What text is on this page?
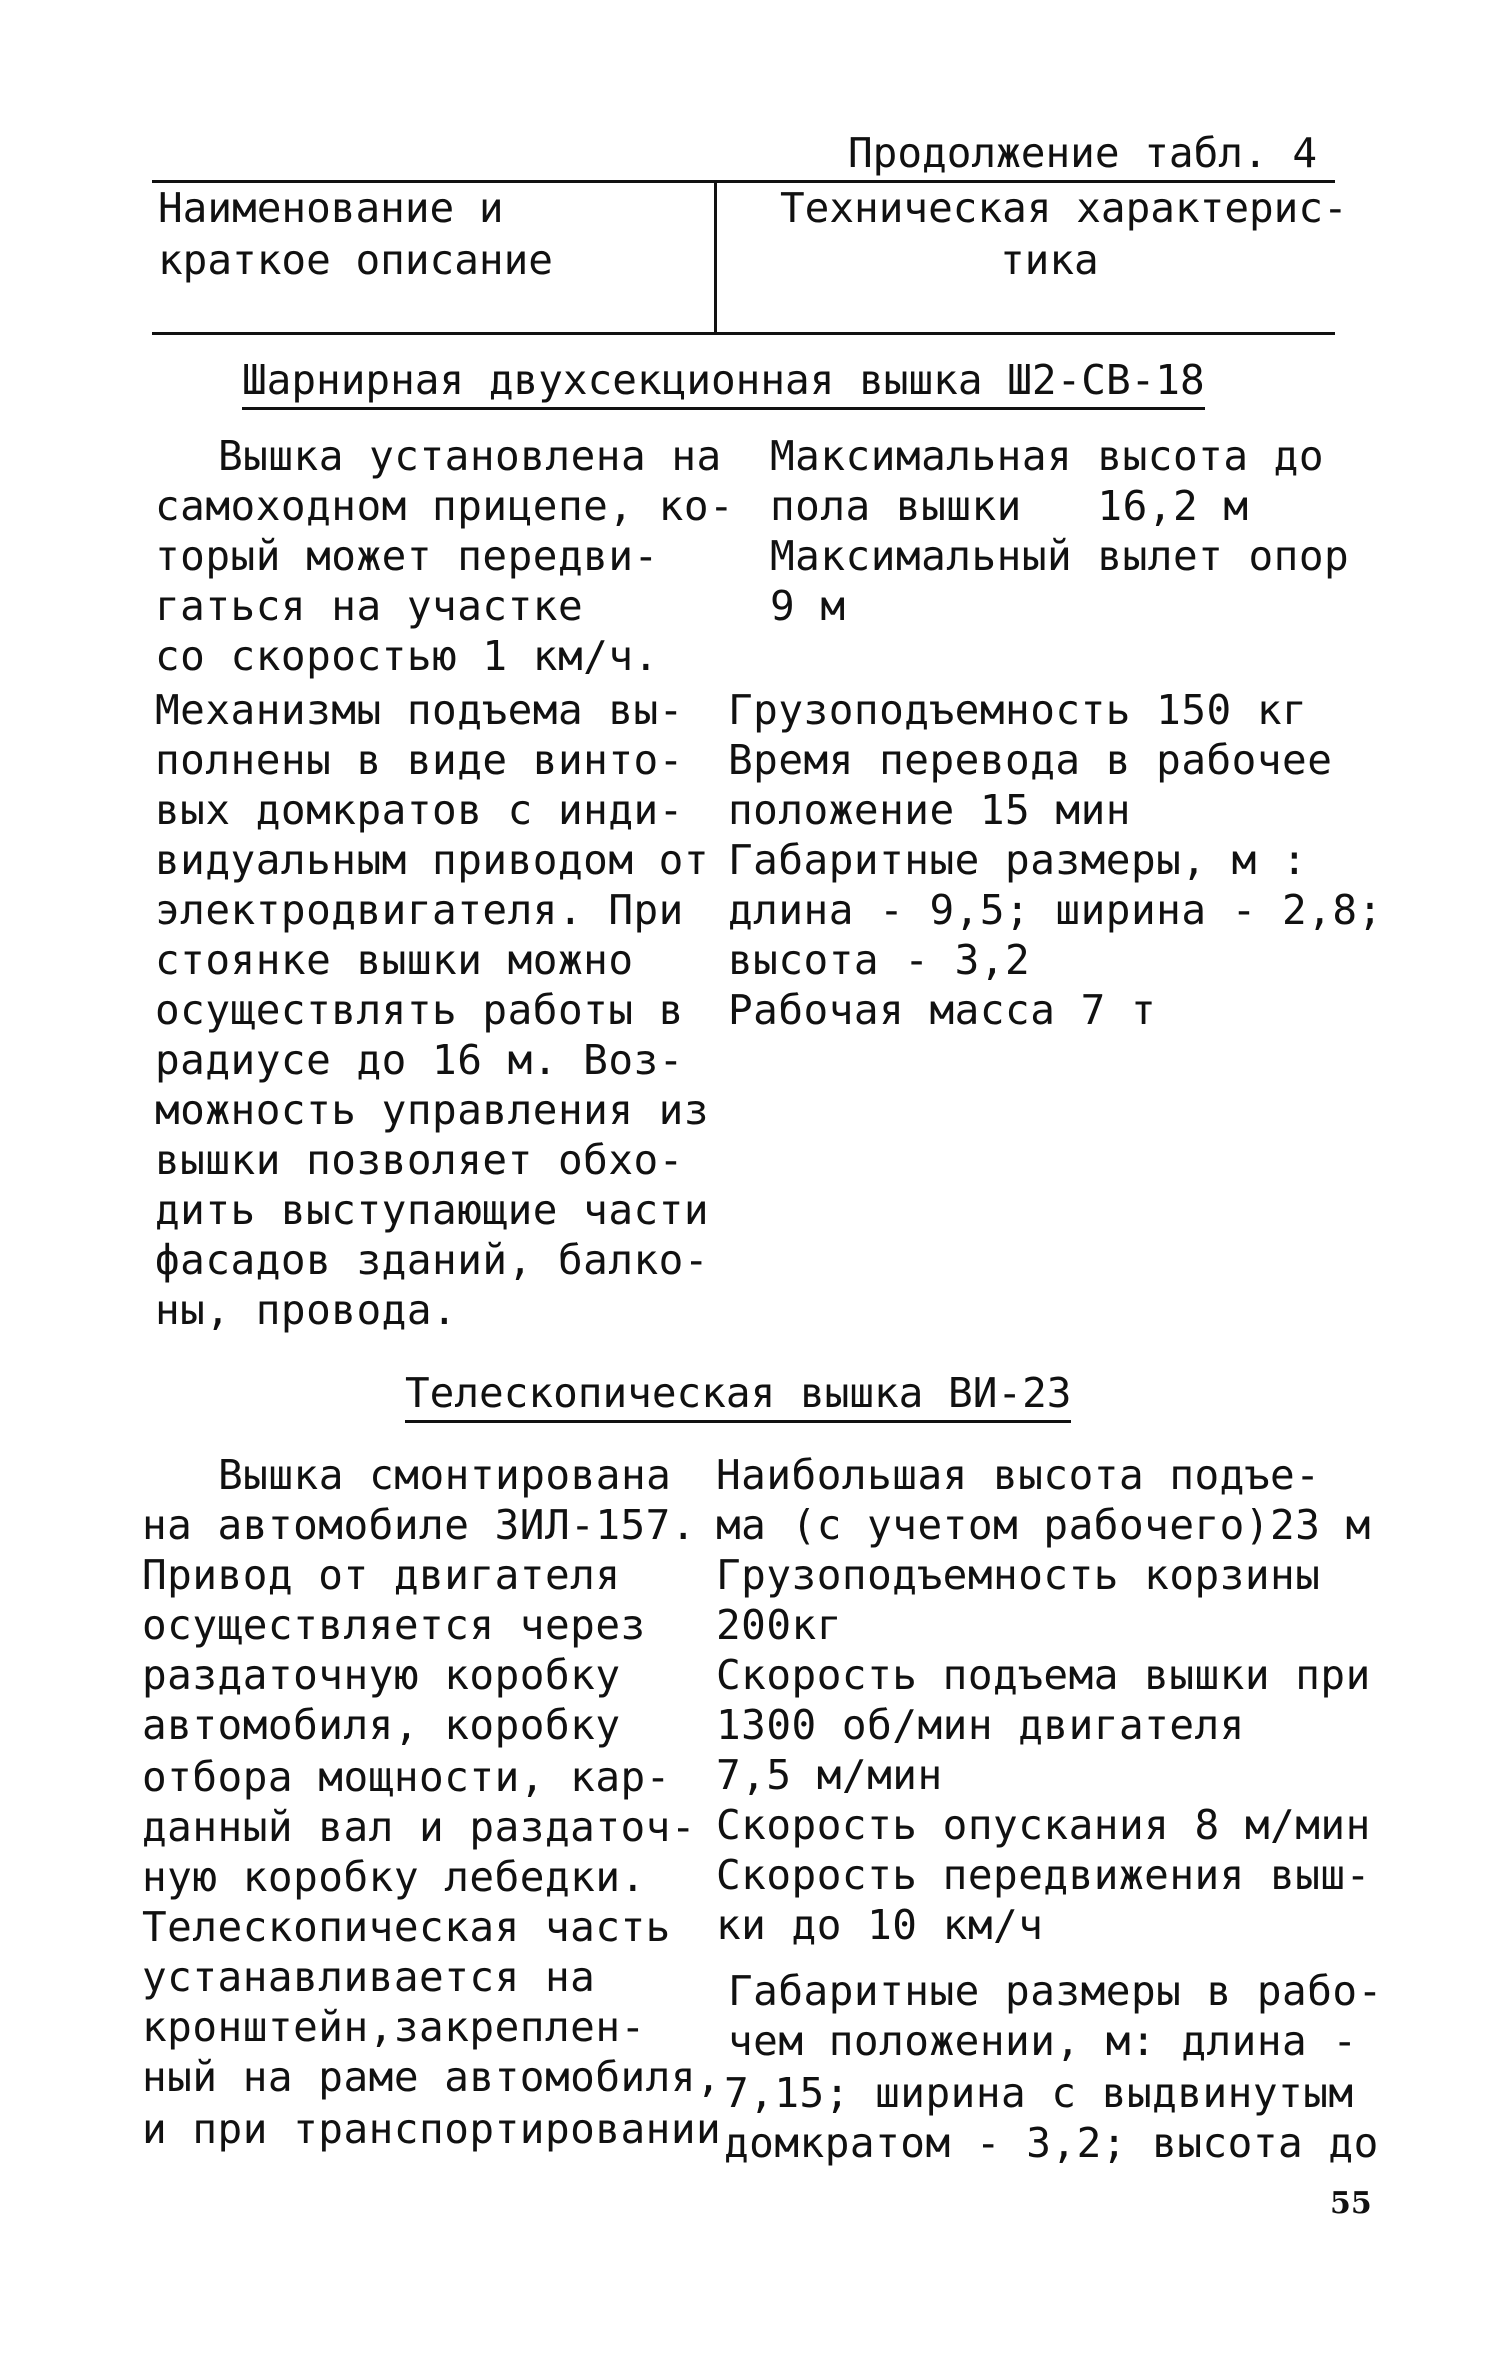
Продолжение табл. 4
Наименование и
краткое описание
Техническая характерис-
тика
Шарнирная двухсекционная вышка Ш2-СВ-18
Вышка установлена на
самоходном прицепе, ко-
торый может передви-
гаться на участке
со скоростью 1 км/ч.
Максимальная высота до
пола вышки   16,2 м
Максимальный вылет опор
9 м
Механизмы подъема вы-
полнены в виде винто-
вых домкратов с инди-
видуальным приводом от
электродвигателя. При
стоянке вышки можно
осуществлять работы в
радиусе до 16 м. Воз-
можность управления из
вышки позволяет обхо-
дить выступающие части
фасадов зданий, балко-
ны, провода.
Грузоподъемность 150 кг
Время перевода в рабочее
положение 15 мин
Габаритные размеры, м :
длина - 9,5; ширина - 2,8;
высота - 3,2
Рабочая масса 7 т
Телескопическая вышка ВИ-23
Вышка смонтирована
на автомобиле ЗИЛ-157.
Привод от двигателя
осуществляется через
раздаточную коробку
автомобиля, коробку
отбора мощности, кар-
данный вал и раздаточ-
ную коробку лебедки.
Телескопическая часть
устанавливается на
кронштейн,закреплен-
ный на раме автомобиля,
и при транспортировании
Наибольшая высота подъе-
ма (с учетом рабочего)23 м
Грузоподъемность корзины
200кг
Скорость подъема вышки при
1300 об/мин двигателя
7,5 м/мин
Скорость опускания 8 м/мин
Скорость передвижения выш-
ки до 10 км/ч
Габаритные размеры в рабо-
чем положении, м: длина -
7,15; ширина с выдвинутым
домкратом - 3,2; высота до
55
